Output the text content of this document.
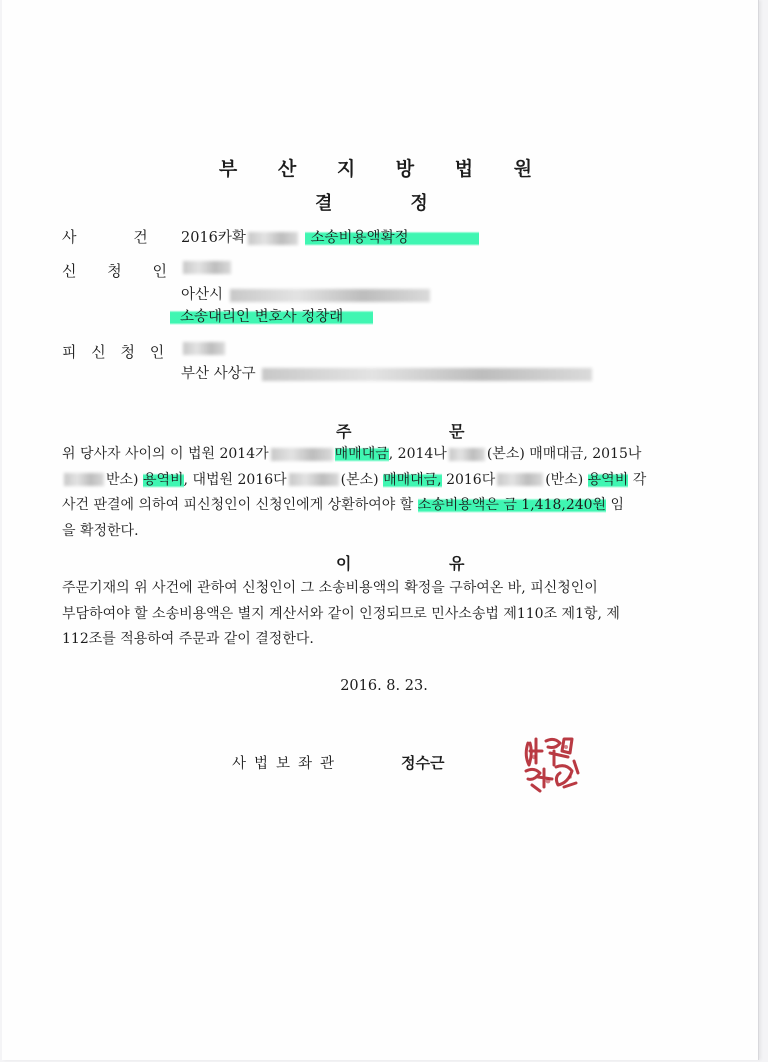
부 산 지 방 법 원
결	정
사 건 2016카확	소송비용액확정
신 청 인
아산시
소송대리인 변호사 정창래
피 신 청 인
부산 사상구
주 문
위 당사자 사이의 이 법원 2014가	매매대금, 2014나	(본소) 매매대금, 2015나
반소) 용역비, 대법원 2016다	(본소) 매매대금, 2016다	(반소) 용역비 각
사건 판결에 의하여 피신청인이 신청인에게 상환하여야 할 소송비용액은 금 1,418,240원 임
을 확정한다.
이 유
주문기재의 위 사건에 관하여 신청인이 그 소송비용액의 확정을 구하여온 바, 피신청인이
부담하여야 할 소송비용액은 별지 계산서와 같이 인정되므로 민사소송법 제110조 제1항, 제
112조를 적용하여 주문과 같이 결정한다.
2016. 8. 23.
사법보좌관	정수근
